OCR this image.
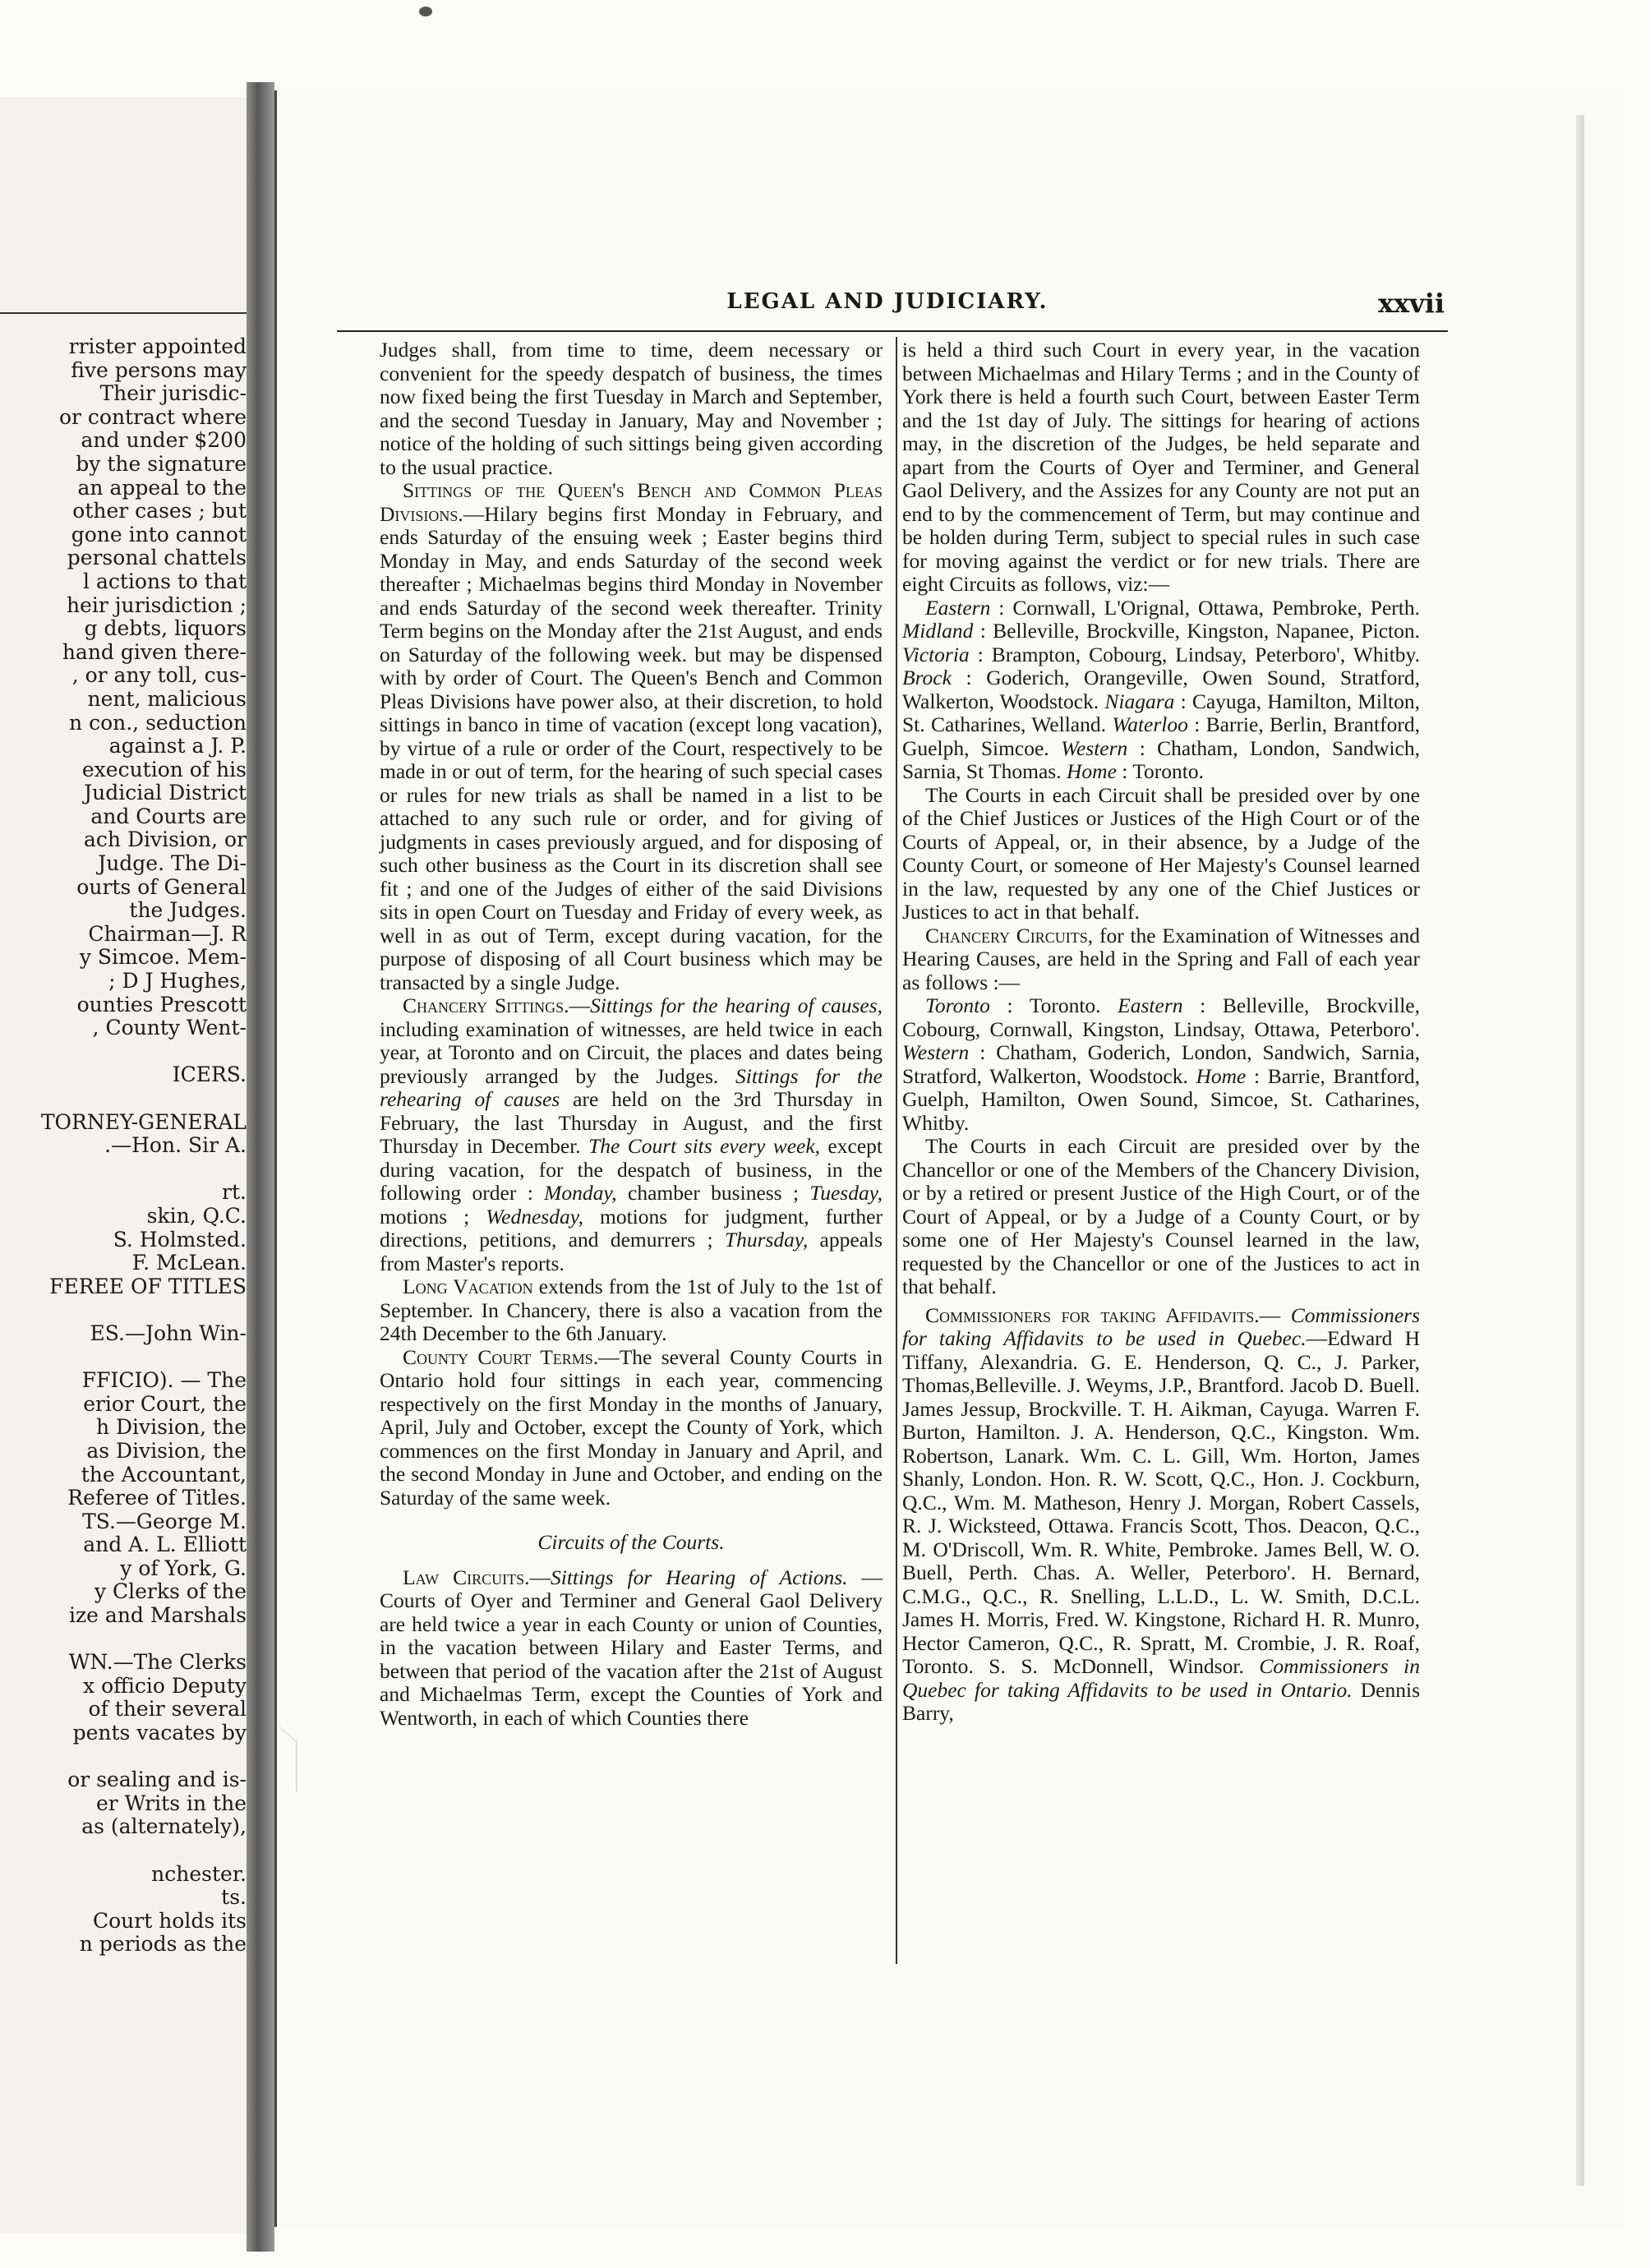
rrister appointed
five persons may
Their jurisdic-
or contract where
and under $200
by the signature
an appeal to the
other cases ; but
gone into cannot
personal chattels
l actions to that
heir jurisdiction ;
g debts, liquors
hand given there-
, or any toll, cus-
nent, malicious
n con., seduction
against a J. P.
execution of his
Judicial District
and Courts are
ach Division, or
Judge. The Di-
ourts of General
the Judges.
Chairman—J. R
y Simcoe. Mem-
; D J Hughes,
ounties Prescott
, County Went-

ICERS.

TORNEY-GENERAL
.—Hon. Sir A.

rt.
skin, Q.C.
S. Holmsted.
F. McLean.
FEREE OF TITLES

ES.—John Win-

FFICIO). — The
erior Court, the
h Division, the
as Division, the
the Accountant,
Referee of Titles.
TS.—George M.
and A. L. Elliott
y of York, G.
y Clerks of the
ize and Marshals

WN.—The Clerks
x officio Deputy
of their several
pents vacates by

or sealing and is-
er Writs in the
as (alternately),

nchester.
ts.
Court holds its
n periods as the
LEGAL AND JUDICIARY.	xxvii

Judges shall, from time to time, deem necessary or convenient for the speedy despatch of business, the times now fixed being the first Tuesday in March and September, and the second Tuesday in January, May and November ; notice of the holding of such sittings being given according to the usual practice.

Sittings of the Queen's Bench and Common Pleas Divisions.—Hilary begins first Monday in February, and ends Saturday of the ensuing week ; Easter begins third Monday in May, and ends Saturday of the second week thereafter ; Michaelmas begins third Monday in November and ends Saturday of the second week thereafter. Trinity Term begins on the Monday after the 21st August, and ends on Saturday of the following week. but may be dispensed with by order of Court. The Queen's Bench and Common Pleas Divisions have power also, at their discretion, to hold sittings in banco in time of vacation (except long vacation), by virtue of a rule or order of the Court, respectively to be made in or out of term, for the hearing of such special cases or rules for new trials as shall be named in a list to be attached to any such rule or order, and for giving of judgments in cases previously argued, and for disposing of such other business as the Court in its discretion shall see fit ; and one of the Judges of either of the said Divisions sits in open Court on Tuesday and Friday of every week, as well in as out of Term, except during vacation, for the purpose of disposing of all Court business which may be transacted by a single Judge.

Chancery Sittings.—Sittings for the hearing of causes, including examination of witnesses, are held twice in each year, at Toronto and on Circuit, the places and dates being previously arranged by the Judges. Sittings for the rehearing of causes are held on the 3rd Thursday in February, the last Thursday in August, and the first Thursday in December. The Court sits every week, except during vacation, for the despatch of business, in the following order : Monday, chamber business ; Tuesday, motions ; Wednesday, motions for judgment, further directions, petitions, and demurrers ; Thursday, appeals from Master's reports.

Long Vacation extends from the 1st of July to the 1st of September. In Chancery, there is also a vacation from the 24th December to the 6th January.

County Court Terms.—The several County Courts in Ontario hold four sittings in each year, commencing respectively on the first Monday in the months of January, April, July and October, except the County of York, which commences on the first Monday in January and April, and the second Monday in June and October, and ending on the Saturday of the same week.

Circuits of the Courts.

Law Circuits.—Sittings for Hearing of Actions. —Courts of Oyer and Terminer and General Gaol Delivery are held twice a year in each County or union of Counties, in the vacation between Hilary and Easter Terms, and between that period of the vacation after the 21st of August and Michaelmas Term, except the Counties of York and Wentworth, in each of which Counties there

is held a third such Court in every year, in the vacation between Michaelmas and Hilary Terms ; and in the County of York there is held a fourth such Court, between Easter Term and the 1st day of July. The sittings for hearing of actions may, in the discretion of the Judges, be held separate and apart from the Courts of Oyer and Terminer, and General Gaol Delivery, and the Assizes for any County are not put an end to by the commencement of Term, but may continue and be holden during Term, subject to special rules in such case for moving against the verdict or for new trials. There are eight Circuits as follows, viz:—

Eastern : Cornwall, L'Orignal, Ottawa, Pembroke, Perth. Midland : Belleville, Brockville, Kingston, Napanee, Picton. Victoria : Brampton, Cobourg, Lindsay, Peterboro', Whitby. Brock : Goderich, Orangeville, Owen Sound, Stratford, Walkerton, Woodstock. Niagara : Cayuga, Hamilton, Milton, St. Catharines, Welland. Waterloo : Barrie, Berlin, Brantford, Guelph, Simcoe. Western : Chatham, London, Sandwich, Sarnia, St Thomas. Home : Toronto.

The Courts in each Circuit shall be presided over by one of the Chief Justices or Justices of the High Court or of the Courts of Appeal, or, in their absence, by a Judge of the County Court, or someone of Her Majesty's Counsel learned in the law, requested by any one of the Chief Justices or Justices to act in that behalf.

Chancery Circuits, for the Examination of Witnesses and Hearing Causes, are held in the Spring and Fall of each year as follows :—

Toronto : Toronto. Eastern : Belleville, Brockville, Cobourg, Cornwall, Kingston, Lindsay, Ottawa, Peterboro'. Western : Chatham, Goderich, London, Sandwich, Sarnia, Stratford, Walkerton, Woodstock. Home : Barrie, Brantford, Guelph, Hamilton, Owen Sound, Simcoe, St. Catharines, Whitby.

The Courts in each Circuit are presided over by the Chancellor or one of the Members of the Chancery Division, or by a retired or present Justice of the High Court, or of the Court of Appeal, or by a Judge of a County Court, or by some one of Her Majesty's Counsel learned in the law, requested by the Chancellor or one of the Justices to act in that behalf.

Commissioners for taking Affidavits.— Commissioners for taking Affidavits to be used in Quebec.—Edward H Tiffany, Alexandria. G. E. Henderson, Q. C., J. Parker, Thomas,Belleville. J. Weyms, J.P., Brantford. Jacob D. Buell. James Jessup, Brockville. T. H. Aikman, Cayuga. Warren F. Burton, Hamilton. J. A. Henderson, Q.C., Kingston. Wm. Robertson, Lanark. Wm. C. L. Gill, Wm. Horton, James Shanly, London. Hon. R. W. Scott, Q.C., Hon. J. Cockburn, Q.C., Wm. M. Matheson, Henry J. Morgan, Robert Cassels, R. J. Wicksteed, Ottawa. Francis Scott, Thos. Deacon, Q.C., M. O'Driscoll, Wm. R. White, Pembroke. James Bell, W. O. Buell, Perth. Chas. A. Weller, Peterboro'. H. Bernard, C.M.G., Q.C., R. Snelling, L.L.D., L. W. Smith, D.C.L. James H. Morris, Fred. W. Kingstone, Richard H. R. Munro, Hector Cameron, Q.C., R. Spratt, M. Crombie, J. R. Roaf, Toronto. S. S. McDonnell, Windsor. Commissioners in Quebec for taking Affidavits to be used in Ontario. Dennis Barry,
